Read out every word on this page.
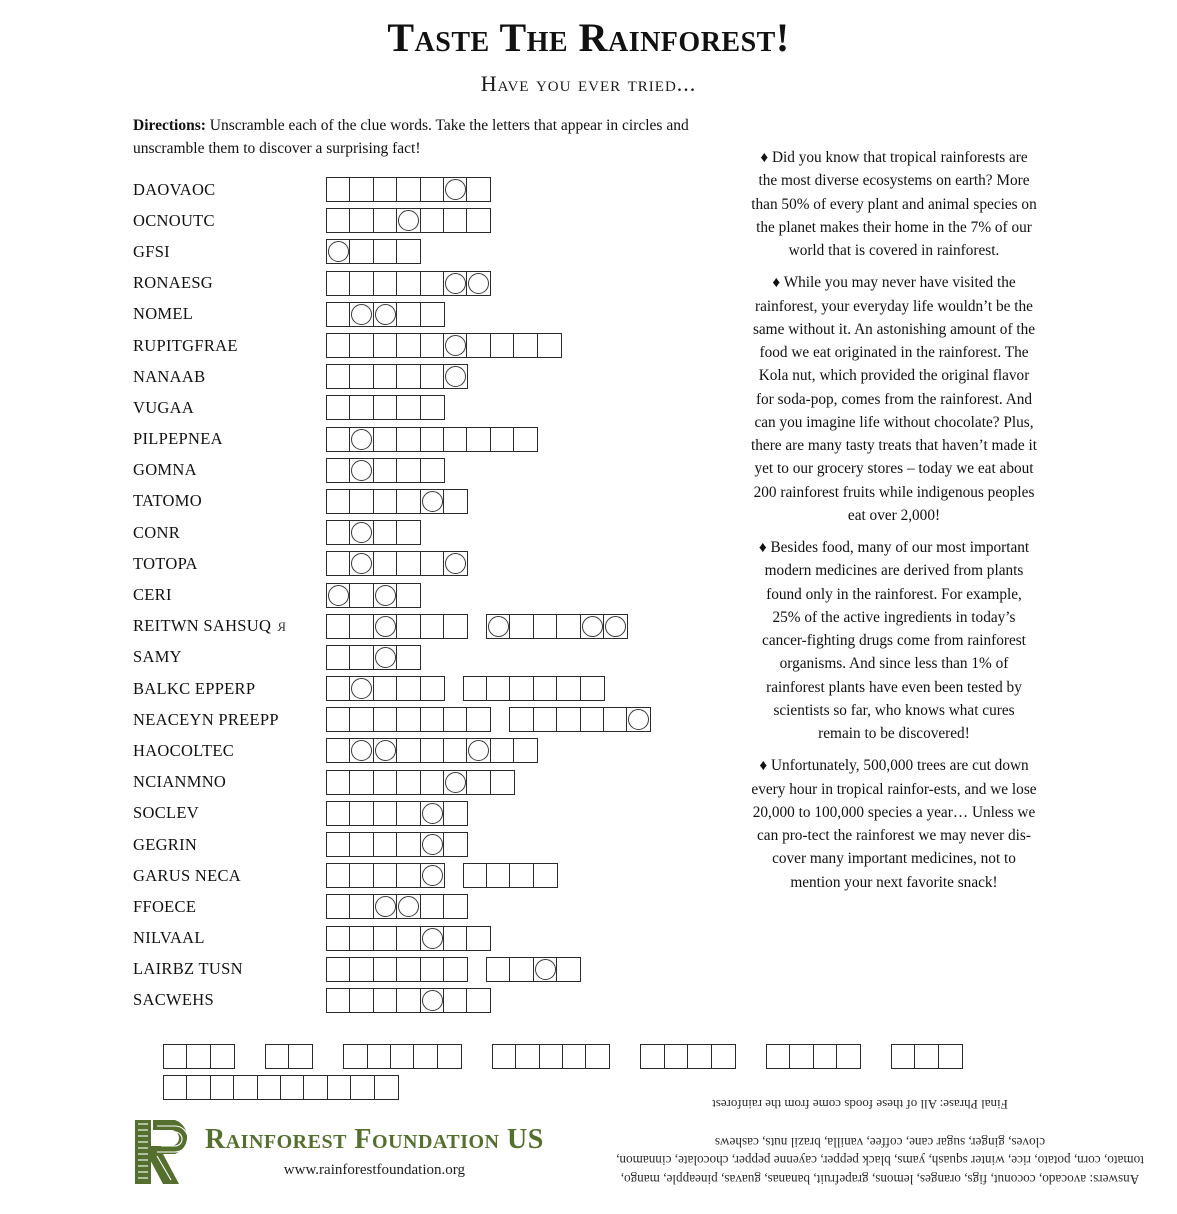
Taste The Rainforest!
Have you ever tried...
Directions: Unscramble each of the clue words. Take the letters that appear in circles and unscramble them to discover a surprising fact!
DAOVAOC
OCNOUTC
GFSI
RONAESG
NOMEL
RUPITGFRAE
NANAAB
VUGAA
PILPEPNEA
GOMNA
TATOMO
CONR
TOTOPA
CERI
REITWN SAHSUQ R
SAMY
BALKC EPPERP
NEACEYN PREEPP
HAOCOLTEC
NCIANMNO
SOCLEV
GEGRIN
GARUS NECA
FFOECE
NILVAAL
LAIRBZ TUSN
SACWEHS

♦ Did you know that tropical rainforests are the most diverse ecosystems on earth? More than 50% of every plant and animal species on the planet makes their home in the 7% of our world that is covered in rainforest.

♦ While you may never have visited the rainforest, your everyday life wouldn’t be the same without it. An astonishing amount of the food we eat originated in the rainforest. The Kola nut, which provided the original flavor for soda-pop, comes from the rainforest. And can you imagine life without chocolate? Plus, there are many tasty treats that haven’t made it yet to our grocery stores – today we eat about 200 rainforest fruits while indigenous peoples eat over 2,000!

♦ Besides food, many of our most important modern medicines are derived from plants found only in the rainforest. For example, 25% of the active ingredients in today’s cancer-fighting drugs come from rainforest organisms. And since less than 1% of rainforest plants have even been tested by scientists so far, who knows what cures remain to be discovered!

♦ Unfortunately, 500,000 trees are cut down every hour in tropical rainfor-ests, and we lose 20,000 to 100,000 species a year… Unless we can pro-tect the rainforest we may never dis-cover many important medicines, not to mention your next favorite snack!

Rainforest Foundation US
www.rainforestfoundation.org
Final Phrase: All of these foods come from the rainforest
Answers: avocado, coconut, figs, oranges, lemons, grapefruit, bananas, guavas, pineapple, mango, tomato, corn, potato, rice, winter squash, yams, black pepper, cayenne pepper, chocolate, cinnamon, cloves, ginger, sugar cane, coffee, vanilla, brazil nuts, cashews
